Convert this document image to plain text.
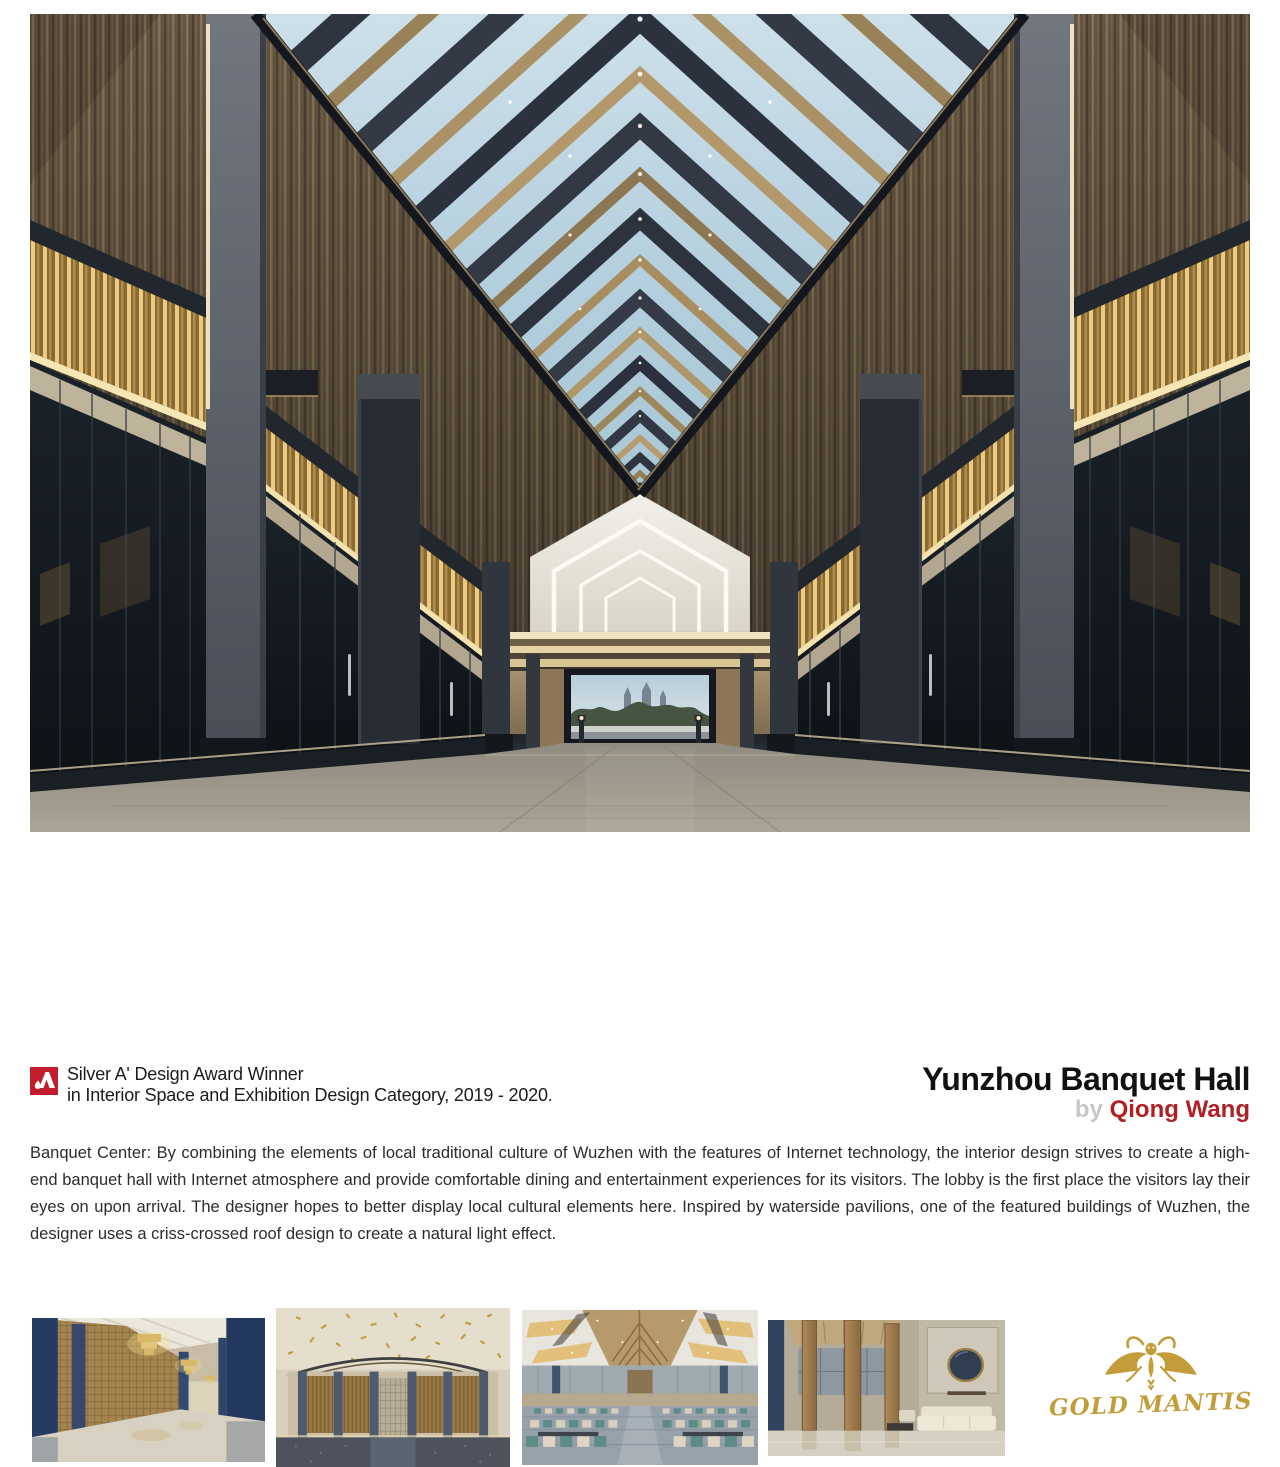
Silver A' Design Award Winner
in Interior Space and Exhibition Design Category, 2019 - 2020.	Yunzhou Banquet Hall
by Qiong Wang

Banquet Center: By combining the elements of local traditional culture of Wuzhen with the features of Internet technology, the interior design strives to create a high-end banquet hall with Internet atmosphere and provide comfortable dining and entertainment experiences for its visitors. The lobby is the first place the visitors lay their eyes on upon arrival. The designer hopes to better display local cultural elements here. Inspired by waterside pavilions, one of the featured buildings of Wuzhen, the designer uses a criss-crossed roof design to create a natural light effect.

GOLD MANTIS
